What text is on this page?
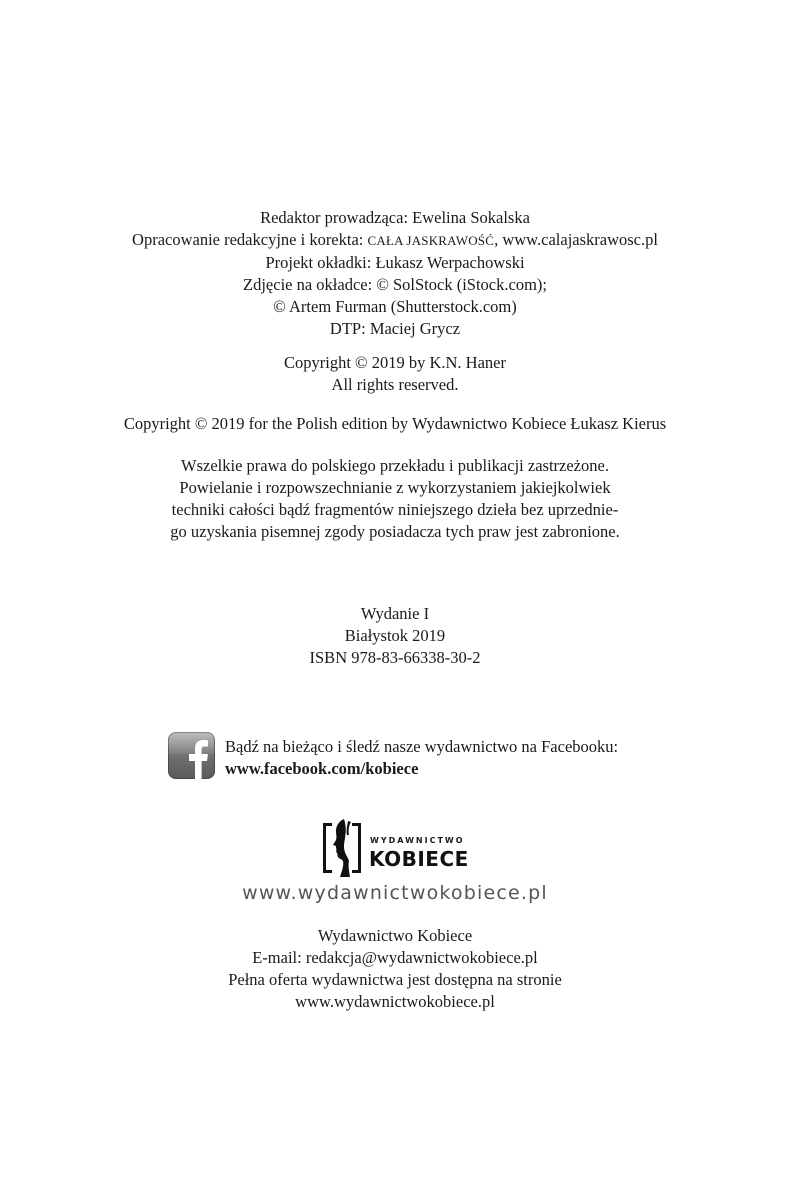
Redaktor prowadząca: Ewelina Sokalska
Opracowanie redakcyjne i korekta: CAŁA JASKRAWOŚĆ, www.calajaskrawosc.pl
Projekt okładki: Łukasz Werpachowski
Zdjęcie na okładce: © SolStock (iStock.com);
© Artem Furman (Shutterstock.com)
DTP: Maciej Grycz
Copyright © 2019 by K.N. Haner
All rights reserved.
Copyright © 2019 for the Polish edition by Wydawnictwo Kobiece Łukasz Kierus
Wszelkie prawa do polskiego przekładu i publikacji zastrzeżone.
Powielanie i rozpowszechnianie z wykorzystaniem jakiejkolwiek
techniki całości bądź fragmentów niniejszego dzieła bez uprzednie-
go uzyskania pisemnej zgody posiadacza tych praw jest zabronione.
Wydanie I
Białystok 2019
ISBN 978-83-66338-30-2
Bądź na bieżąco i śledź nasze wydawnictwo na Facebooku:
www.facebook.com/kobiece
WYDAWNICTWO
KOBIECE
www.wydawnictwokobiece.pl
Wydawnictwo Kobiece
E-mail: redakcja@wydawnictwokobiece.pl
Pełna oferta wydawnictwa jest dostępna na stronie
www.wydawnictwokobiece.pl
